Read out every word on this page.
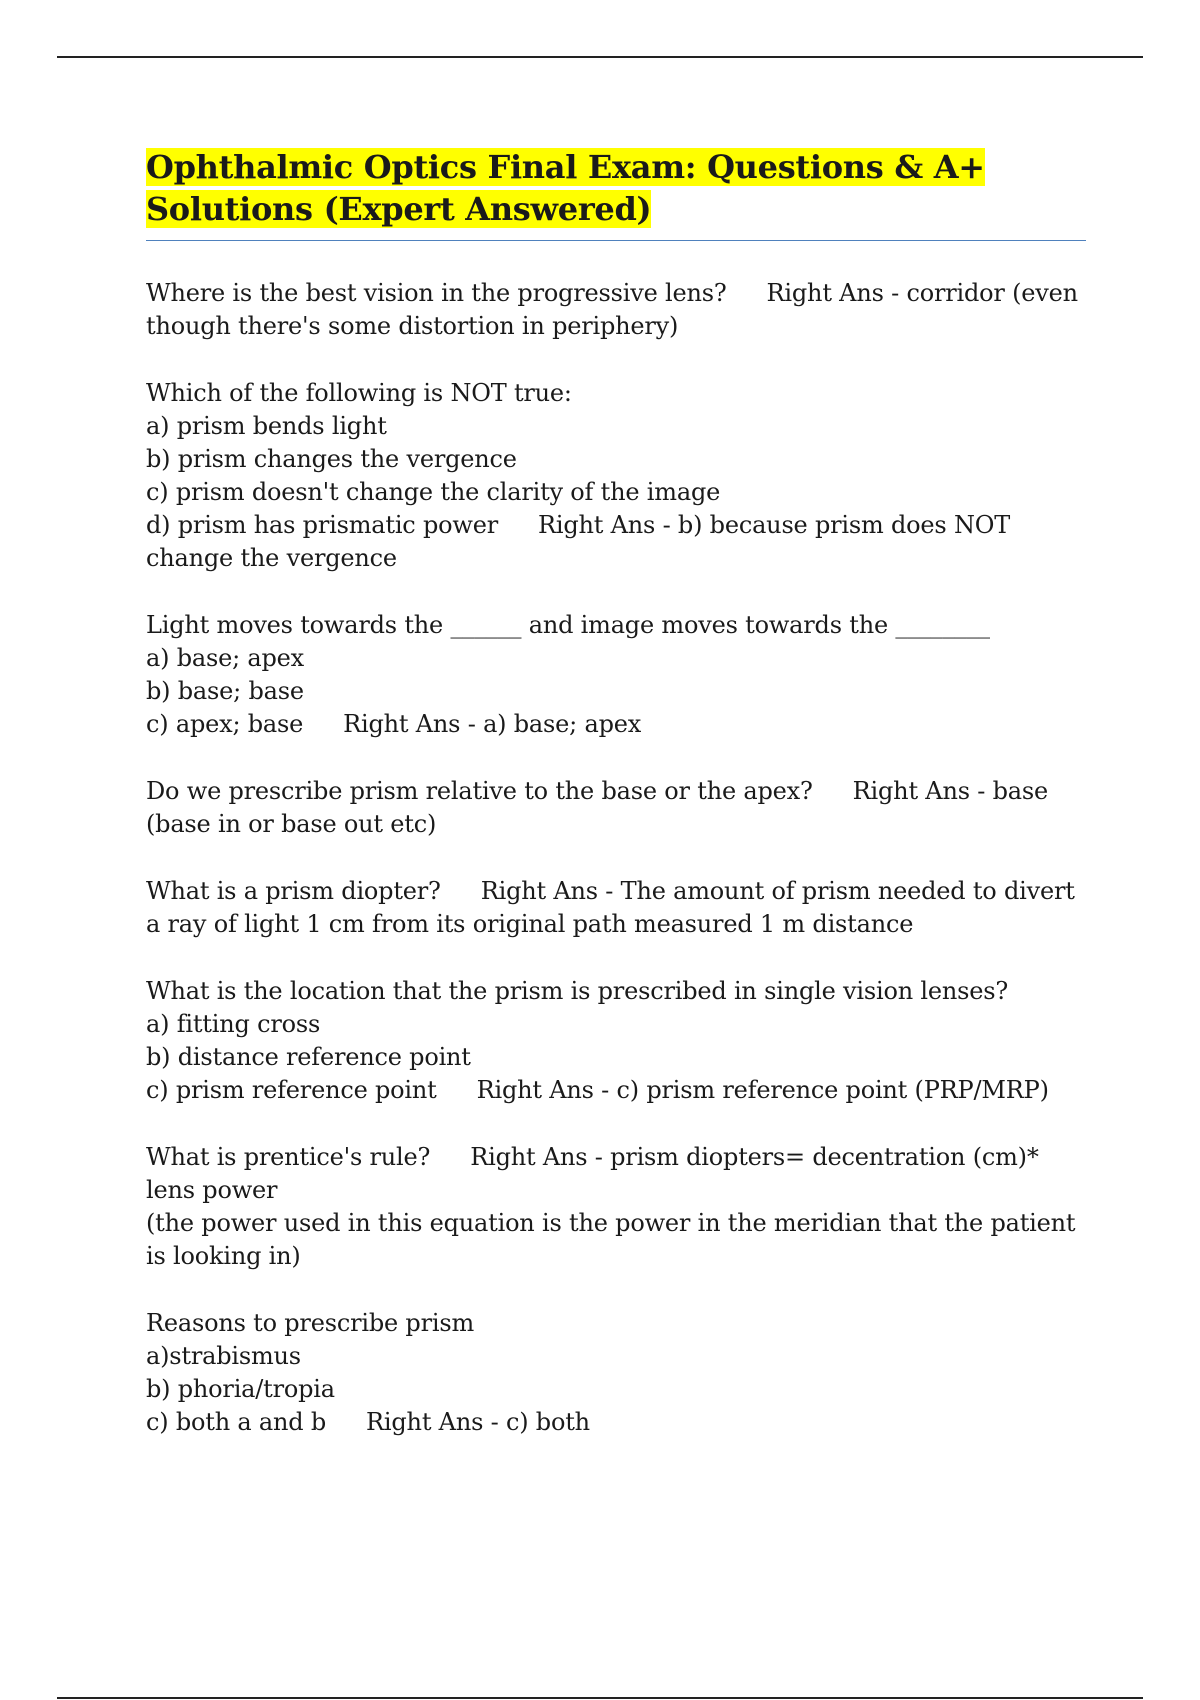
Ophthalmic Optics Final Exam: Questions & A+
Solutions (Expert Answered)
Where is the best vision in the progressive lens? Right Ans - corridor (even
though there's some distortion in periphery)
Which of the following is NOT true:
a) prism bends light
b) prism changes the vergence
c) prism doesn't change the clarity of the image
d) prism has prismatic power Right Ans - b) because prism does NOT
change the vergence
Light moves towards the ______ and image moves towards the ________
a) base; apex
b) base; base
c) apex; base Right Ans - a) base; apex
Do we prescribe prism relative to the base or the apex? Right Ans - base
(base in or base out etc)
What is a prism diopter? Right Ans - The amount of prism needed to divert
a ray of light 1 cm from its original path measured 1 m distance
What is the location that the prism is prescribed in single vision lenses?
a) fitting cross
b) distance reference point
c) prism reference point Right Ans - c) prism reference point (PRP/MRP)
What is prentice's rule? Right Ans - prism diopters= decentration (cm)*
lens power
(the power used in this equation is the power in the meridian that the patient
is looking in)
Reasons to prescribe prism
a)strabismus
b) phoria/tropia
c) both a and b Right Ans - c) both
